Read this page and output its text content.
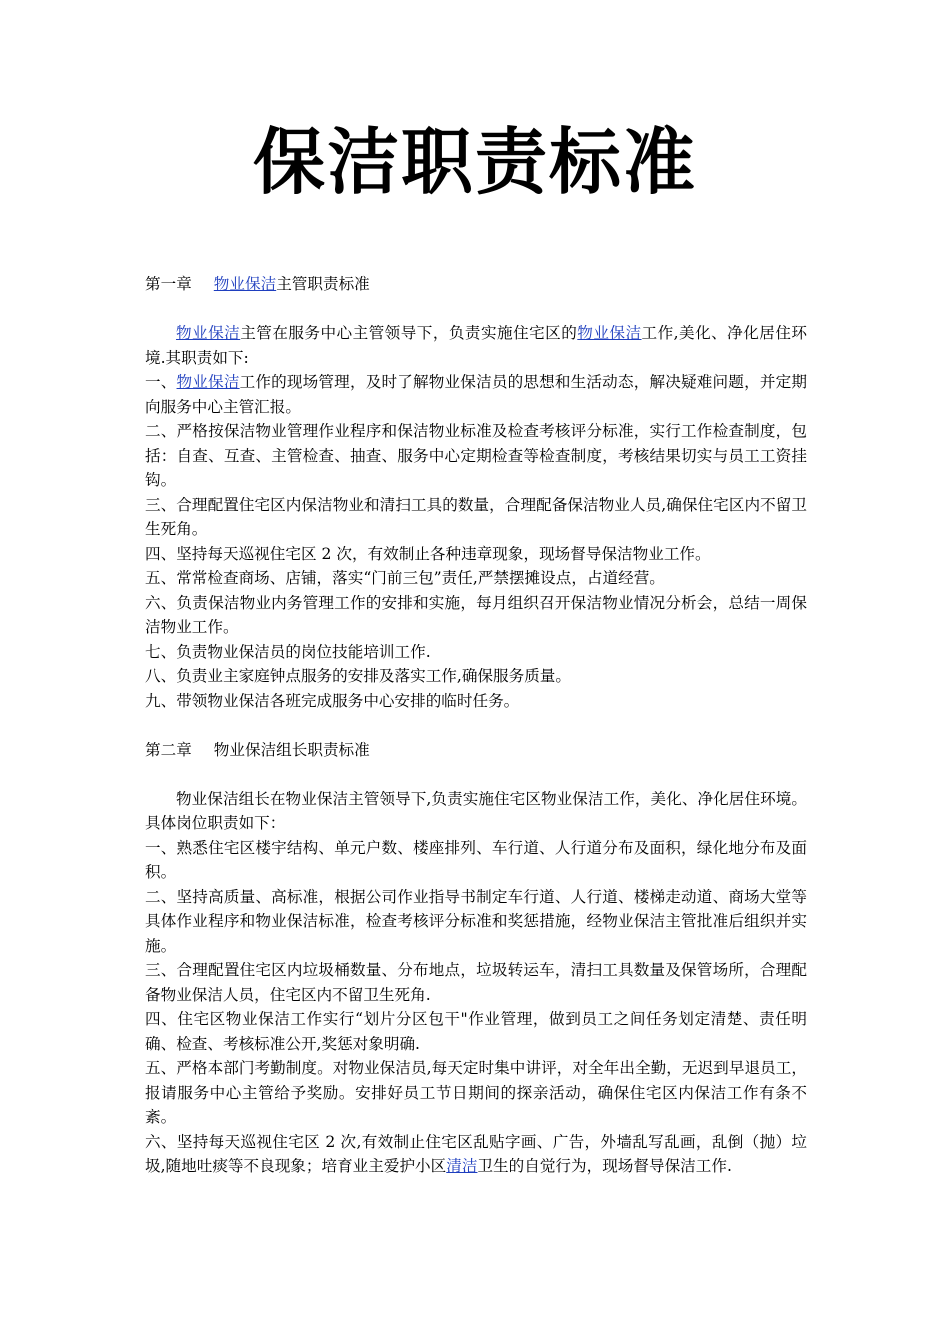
保洁职责标准

第一章 物业保洁主管职责标准

物业保洁主管在服务中心主管领导下，负责实施住宅区的物业保洁工作,美化、净化居住环境.其职责如下:

一、物业保洁工作的现场管理，及时了解物业保洁员的思想和生活动态，解决疑难问题，并定期向服务中心主管汇报。

二、严格按保洁物业管理作业程序和保洁物业标准及检查考核评分标准，实行工作检查制度，包括：自查、互查、主管检查、抽查、服务中心定期检查等检查制度，考核结果切实与员工工资挂钩。

三、合理配置住宅区内保洁物业和清扫工具的数量，合理配备保洁物业人员,确保住宅区内不留卫生死角。

四、坚持每天巡视住宅区 2 次，有效制止各种违章现象，现场督导保洁物业工作。

五、常常检查商场、店铺，落实“门前三包”责任,严禁摆摊设点，占道经营。

六、负责保洁物业内务管理工作的安排和实施，每月组织召开保洁物业情况分析会，总结一周保洁物业工作。

七、负责物业保洁员的岗位技能培训工作.

八、负责业主家庭钟点服务的安排及落实工作,确保服务质量。

九、带领物业保洁各班完成服务中心安排的临时任务。

第二章 物业保洁组长职责标准

物业保洁组长在物业保洁主管领导下,负责实施住宅区物业保洁工作，美化、净化居住环境。具体岗位职责如下：

一、熟悉住宅区楼宇结构、单元户数、楼座排列、车行道、人行道分布及面积，绿化地分布及面积。

二、坚持高质量、高标准，根据公司作业指导书制定车行道、人行道、楼梯走动道、商场大堂等具体作业程序和物业保洁标准，检查考核评分标准和奖惩措施，经物业保洁主管批准后组织并实施。

三、合理配置住宅区内垃圾桶数量、分布地点，垃圾转运车，清扫工具数量及保管场所，合理配备物业保洁人员，住宅区内不留卫生死角.

四、住宅区物业保洁工作实行“划片分区包干"作业管理，做到员工之间任务划定清楚、责任明确、检查、考核标准公开,奖惩对象明确.

五、严格本部门考勤制度。对物业保洁员,每天定时集中讲评，对全年出全勤，无迟到早退员工，报请服务中心主管给予奖励。安排好员工节日期间的探亲活动，确保住宅区内保洁工作有条不紊。

六、坚持每天巡视住宅区 2 次,有效制止住宅区乱贴字画、广告，外墙乱写乱画，乱倒（抛）垃圾,随地吐痰等不良现象；培育业主爱护小区清洁卫生的自觉行为，现场督导保洁工作.
